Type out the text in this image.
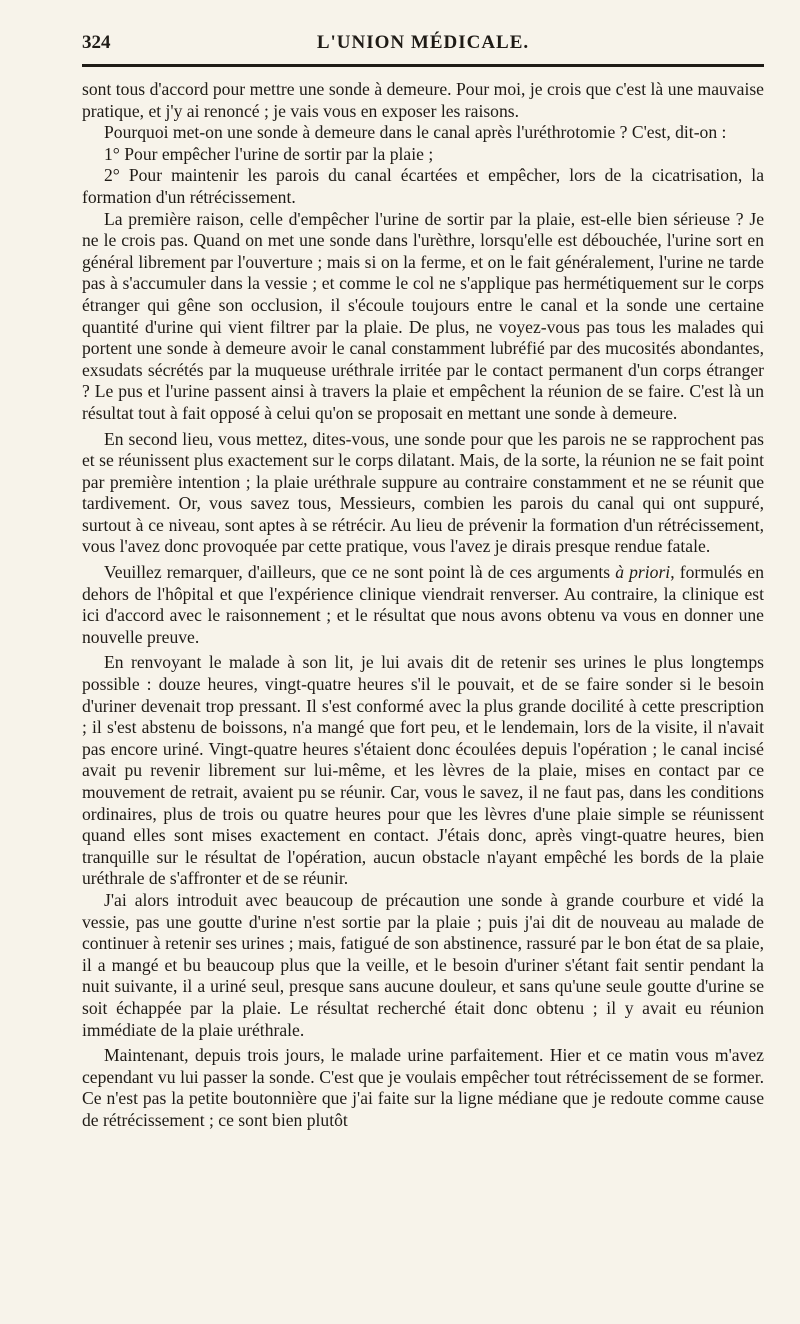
324	L'UNION MÉDICALE.

sont tous d'accord pour mettre une sonde à demeure. Pour moi, je crois que c'est là une mauvaise pratique, et j'y ai renoncé ; je vais vous en exposer les raisons.

Pourquoi met-on une sonde à demeure dans le canal après l'uréthrotomie ? C'est, dit-on :

1° Pour empêcher l'urine de sortir par la plaie ;

2° Pour maintenir les parois du canal écartées et empêcher, lors de la cicatrisation, la formation d'un rétrécissement.

La première raison, celle d'empêcher l'urine de sortir par la plaie, est-elle bien sérieuse ? Je ne le crois pas. Quand on met une sonde dans l'urèthre, lorsqu'elle est débouchée, l'urine sort en général librement par l'ouverture ; mais si on la ferme, et on le fait généralement, l'urine ne tarde pas à s'accumuler dans la vessie ; et comme le col ne s'applique pas hermétiquement sur le corps étranger qui gêne son occlusion, il s'écoule toujours entre le canal et la sonde une certaine quantité d'urine qui vient filtrer par la plaie. De plus, ne voyez-vous pas tous les malades qui portent une sonde à demeure avoir le canal constamment lubréfié par des mucosités abondantes, exsudats sécrétés par la muqueuse uréthrale irritée par le contact permanent d'un corps étranger ? Le pus et l'urine passent ainsi à travers la plaie et empêchent la réunion de se faire. C'est là un résultat tout à fait opposé à celui qu'on se proposait en mettant une sonde à demeure.

En second lieu, vous mettez, dites-vous, une sonde pour que les parois ne se rapprochent pas et se réunissent plus exactement sur le corps dilatant. Mais, de la sorte, la réunion ne se fait point par première intention ; la plaie uréthrale suppure au contraire constamment et ne se réunit que tardivement. Or, vous savez tous, Messieurs, combien les parois du canal qui ont suppuré, surtout à ce niveau, sont aptes à se rétrécir. Au lieu de prévenir la formation d'un rétrécissement, vous l'avez donc provoquée par cette pratique, vous l'avez je dirais presque rendue fatale.

Veuillez remarquer, d'ailleurs, que ce ne sont point là de ces arguments à priori, formulés en dehors de l'hôpital et que l'expérience clinique viendrait renverser. Au contraire, la clinique est ici d'accord avec le raisonnement ; et le résultat que nous avons obtenu va vous en donner une nouvelle preuve.

En renvoyant le malade à son lit, je lui avais dit de retenir ses urines le plus longtemps possible : douze heures, vingt-quatre heures s'il le pouvait, et de se faire sonder si le besoin d'uriner devenait trop pressant. Il s'est conformé avec la plus grande docilité à cette prescription ; il s'est abstenu de boissons, n'a mangé que fort peu, et le lendemain, lors de la visite, il n'avait pas encore uriné. Vingt-quatre heures s'étaient donc écoulées depuis l'opération ; le canal incisé avait pu revenir librement sur lui-même, et les lèvres de la plaie, mises en contact par ce mouvement de retrait, avaient pu se réunir. Car, vous le savez, il ne faut pas, dans les conditions ordinaires, plus de trois ou quatre heures pour que les lèvres d'une plaie simple se réunissent quand elles sont mises exactement en contact. J'étais donc, après vingt-quatre heures, bien tranquille sur le résultat de l'opération, aucun obstacle n'ayant empêché les bords de la plaie uréthrale de s'affronter et de se réunir.

J'ai alors introduit avec beaucoup de précaution une sonde à grande courbure et vidé la vessie, pas une goutte d'urine n'est sortie par la plaie ; puis j'ai dit de nouveau au malade de continuer à retenir ses urines ; mais, fatigué de son abstinence, rassuré par le bon état de sa plaie, il a mangé et bu beaucoup plus que la veille, et le besoin d'uriner s'étant fait sentir pendant la nuit suivante, il a uriné seul, presque sans aucune douleur, et sans qu'une seule goutte d'urine se soit échappée par la plaie. Le résultat recherché était donc obtenu ; il y avait eu réunion immédiate de la plaie uréthrale.

Maintenant, depuis trois jours, le malade urine parfaitement. Hier et ce matin vous m'avez cependant vu lui passer la sonde. C'est que je voulais empêcher tout rétrécissement de se former. Ce n'est pas la petite boutonnière que j'ai faite sur la ligne médiane que je redoute comme cause de rétrécissement ; ce sont bien plutôt
